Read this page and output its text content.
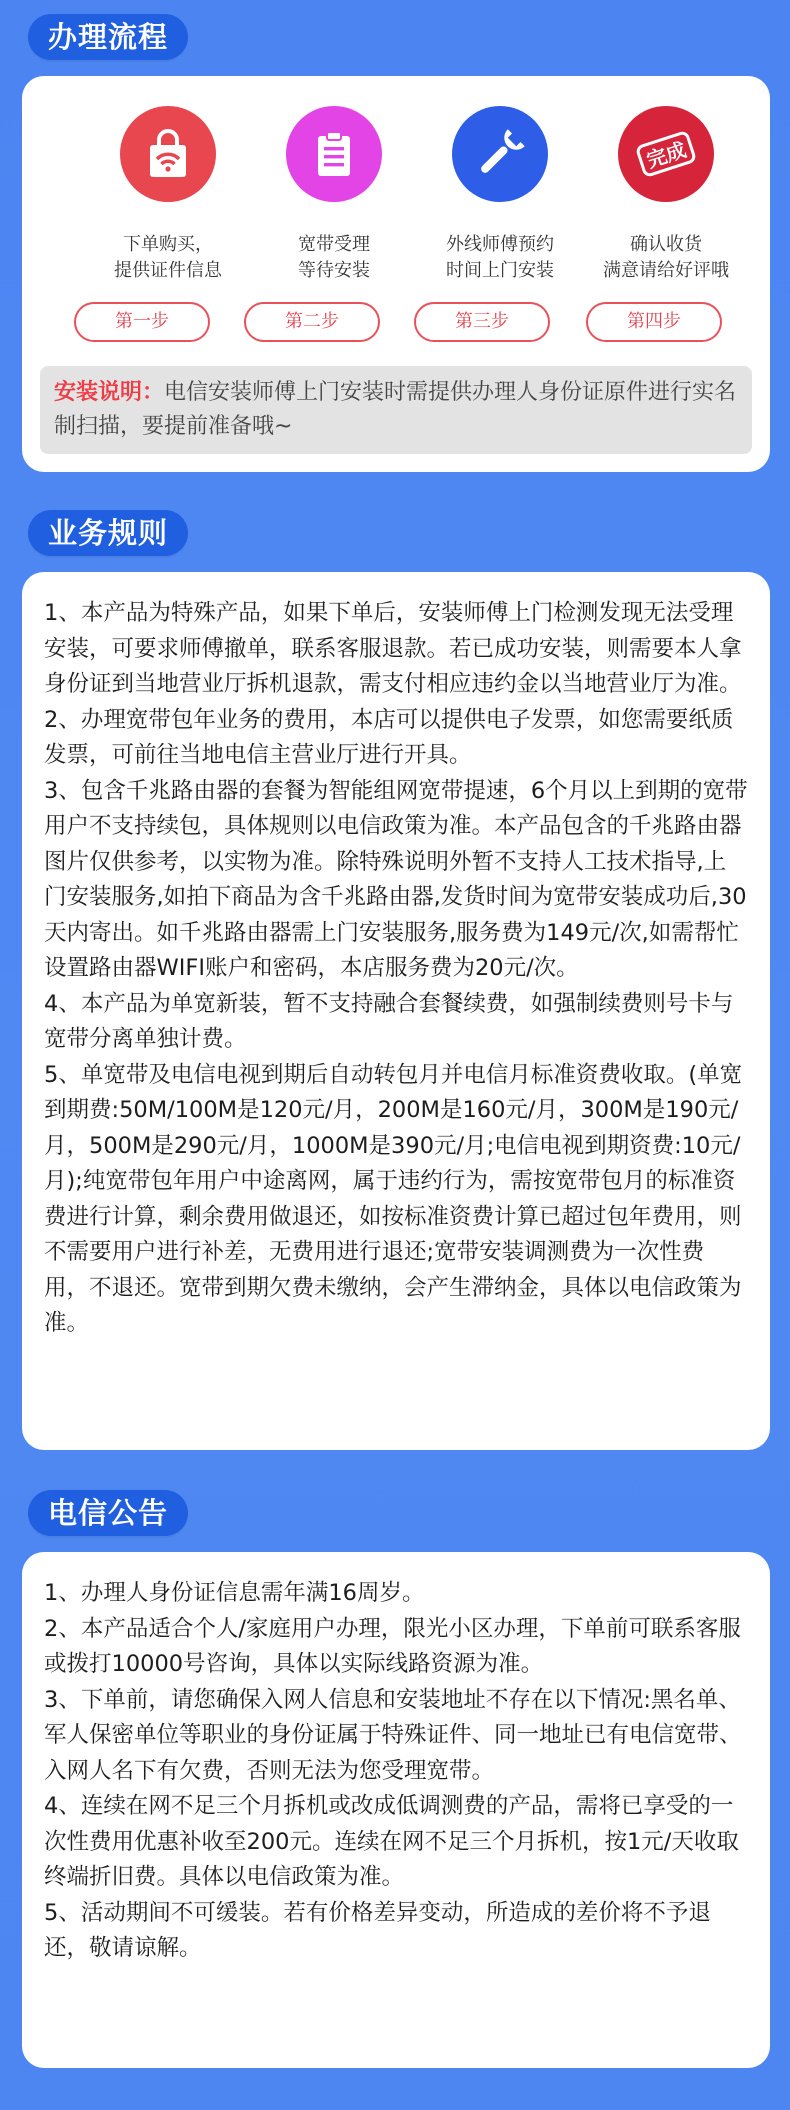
办理流程
下单购买，
提供证件信息
宽带受理
等待安装
外线师傅预约
时间上门安装
完成
确认收货
满意请给好评哦
第一步	第二步	第三步	第四步
安装说明：电信安装师傅上门安装时需提供办理人身份证原件进行实名制扫描，要提前准备哦~
业务规则

1、本产品为特殊产品，如果下单后，安装师傅上门检测发现无法受理安装，可要求师傅撤单，联系客服退款。若已成功安装，则需要本人拿身份证到当地营业厅拆机退款，需支付相应违约金以当地营业厅为准。

2、办理宽带包年业务的费用，本店可以提供电子发票，如您需要纸质发票，可前往当地电信主营业厅进行开具。

3、包含千兆路由器的套餐为智能组网宽带提速，6个月以上到期的宽带用户不支持续包，具体规则以电信政策为准。本产品包含的千兆路由器图片仅供参考，以实物为准。除特殊说明外暂不支持人工技术指导,上门安装服务,如拍下商品为含千兆路由器,发货时间为宽带安装成功后,30天内寄出。如千兆路由器需上门安装服务,服务费为149元/次,如需帮忙设置路由器WIFI账户和密码，本店服务费为20元/次。

4、本产品为单宽新装，暂不支持融合套餐续费，如强制续费则号卡与宽带分离单独计费。

5、单宽带及电信电视到期后自动转包月并电信月标准资费收取。(单宽到期费:50M/100M是120元/月，200M是160元/月，300M是190元/月，500M是290元/月，1000M是390元/月;电信电视到期资费:10元/月);纯宽带包年用户中途离网，属于违约行为，需按宽带包月的标准资费进行计算，剩余费用做退还，如按标准资费计算已超过包年费用，则不需要用户进行补差，无费用进行退还;宽带安装调测费为一次性费用，不退还。宽带到期欠费未缴纳，会产生滞纳金，具体以电信政策为准。

电信公告

1、办理人身份证信息需年满16周岁。

2、本产品适合个人/家庭用户办理，限光小区办理，下单前可联系客服或拨打10000号咨询，具体以实际线路资源为准。

3、下单前，请您确保入网人信息和安装地址不存在以下情况:黑名单、军人保密单位等职业的身份证属于特殊证件、同一地址已有电信宽带、入网人名下有欠费，否则无法为您受理宽带。

4、连续在网不足三个月拆机或改成低调测费的产品，需将已享受的一次性费用优惠补收至200元。连续在网不足三个月拆机，按1元/天收取终端折旧费。具体以电信政策为准。

5、活动期间不可缓装。若有价格差异变动，所造成的差价将不予退还，敬请谅解。
